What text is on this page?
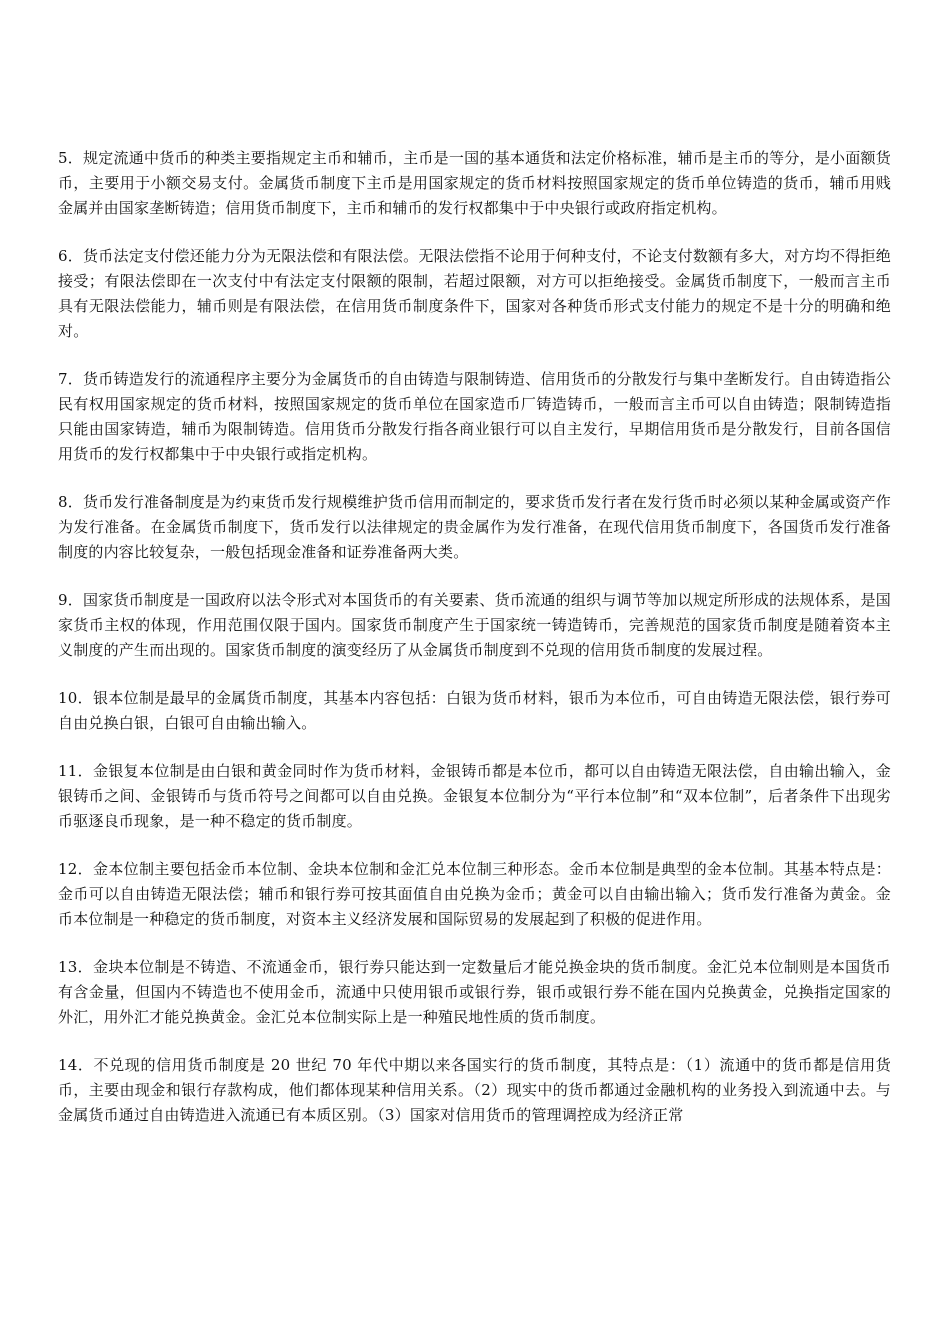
5．规定流通中货币的种类主要指规定主币和辅币，主币是一国的基本通货和法定价格标准，辅币是主币的等分，是小面额货币，主要用于小额交易支付。金属货币制度下主币是用国家规定的货币材料按照国家规定的货币单位铸造的货币，辅币用贱金属并由国家垄断铸造；信用货币制度下，主币和辅币的发行权都集中于中央银行或政府指定机构。

6．货币法定支付偿还能力分为无限法偿和有限法偿。无限法偿指不论用于何种支付，不论支付数额有多大，对方均不得拒绝接受；有限法偿即在一次支付中有法定支付限额的限制，若超过限额，对方可以拒绝接受。金属货币制度下，一般而言主币具有无限法偿能力，辅币则是有限法偿，在信用货币制度条件下，国家对各种货币形式支付能力的规定不是十分的明确和绝对。

7．货币铸造发行的流通程序主要分为金属货币的自由铸造与限制铸造、信用货币的分散发行与集中垄断发行。自由铸造指公民有权用国家规定的货币材料，按照国家规定的货币单位在国家造币厂铸造铸币，一般而言主币可以自由铸造；限制铸造指只能由国家铸造，辅币为限制铸造。信用货币分散发行指各商业银行可以自主发行，早期信用货币是分散发行，目前各国信用货币的发行权都集中于中央银行或指定机构。

8．货币发行准备制度是为约束货币发行规模维护货币信用而制定的，要求货币发行者在发行货币时必须以某种金属或资产作为发行准备。在金属货币制度下，货币发行以法律规定的贵金属作为发行准备，在现代信用货币制度下，各国货币发行准备制度的内容比较复杂，一般包括现金准备和证券准备两大类。

9．国家货币制度是一国政府以法令形式对本国货币的有关要素、货币流通的组织与调节等加以规定所形成的法规体系，是国家货币主权的体现，作用范围仅限于国内。国家货币制度产生于国家统一铸造铸币，完善规范的国家货币制度是随着资本主义制度的产生而出现的。国家货币制度的演变经历了从金属货币制度到不兑现的信用货币制度的发展过程。

10．银本位制是最早的金属货币制度，其基本内容包括：白银为货币材料，银币为本位币，可自由铸造无限法偿，银行券可自由兑换白银，白银可自由输出输入。

11．金银复本位制是由白银和黄金同时作为货币材料，金银铸币都是本位币，都可以自由铸造无限法偿，自由输出输入，金银铸币之间、金银铸币与货币符号之间都可以自由兑换。金银复本位制分为“平行本位制”和“双本位制”，后者条件下出现劣币驱逐良币现象，是一种不稳定的货币制度。

12．金本位制主要包括金币本位制、金块本位制和金汇兑本位制三种形态。金币本位制是典型的金本位制。其基本特点是：金币可以自由铸造无限法偿；辅币和银行券可按其面值自由兑换为金币；黄金可以自由输出输入；货币发行准备为黄金。金币本位制是一种稳定的货币制度，对资本主义经济发展和国际贸易的发展起到了积极的促进作用。

13．金块本位制是不铸造、不流通金币，银行券只能达到一定数量后才能兑换金块的货币制度。金汇兑本位制则是本国货币有含金量，但国内不铸造也不使用金币，流通中只使用银币或银行券，银币或银行券不能在国内兑换黄金，兑换指定国家的外汇，用外汇才能兑换黄金。金汇兑本位制实际上是一种殖民地性质的货币制度。

14．不兑现的信用货币制度是 20 世纪 70 年代中期以来各国实行的货币制度，其特点是：（1）流通中的货币都是信用货币，主要由现金和银行存款构成，他们都体现某种信用关系。（2）现实中的货币都通过金融机构的业务投入到流通中去。与金属货币通过自由铸造进入流通已有本质区别。（3）国家对信用货币的管理调控成为经济正常
